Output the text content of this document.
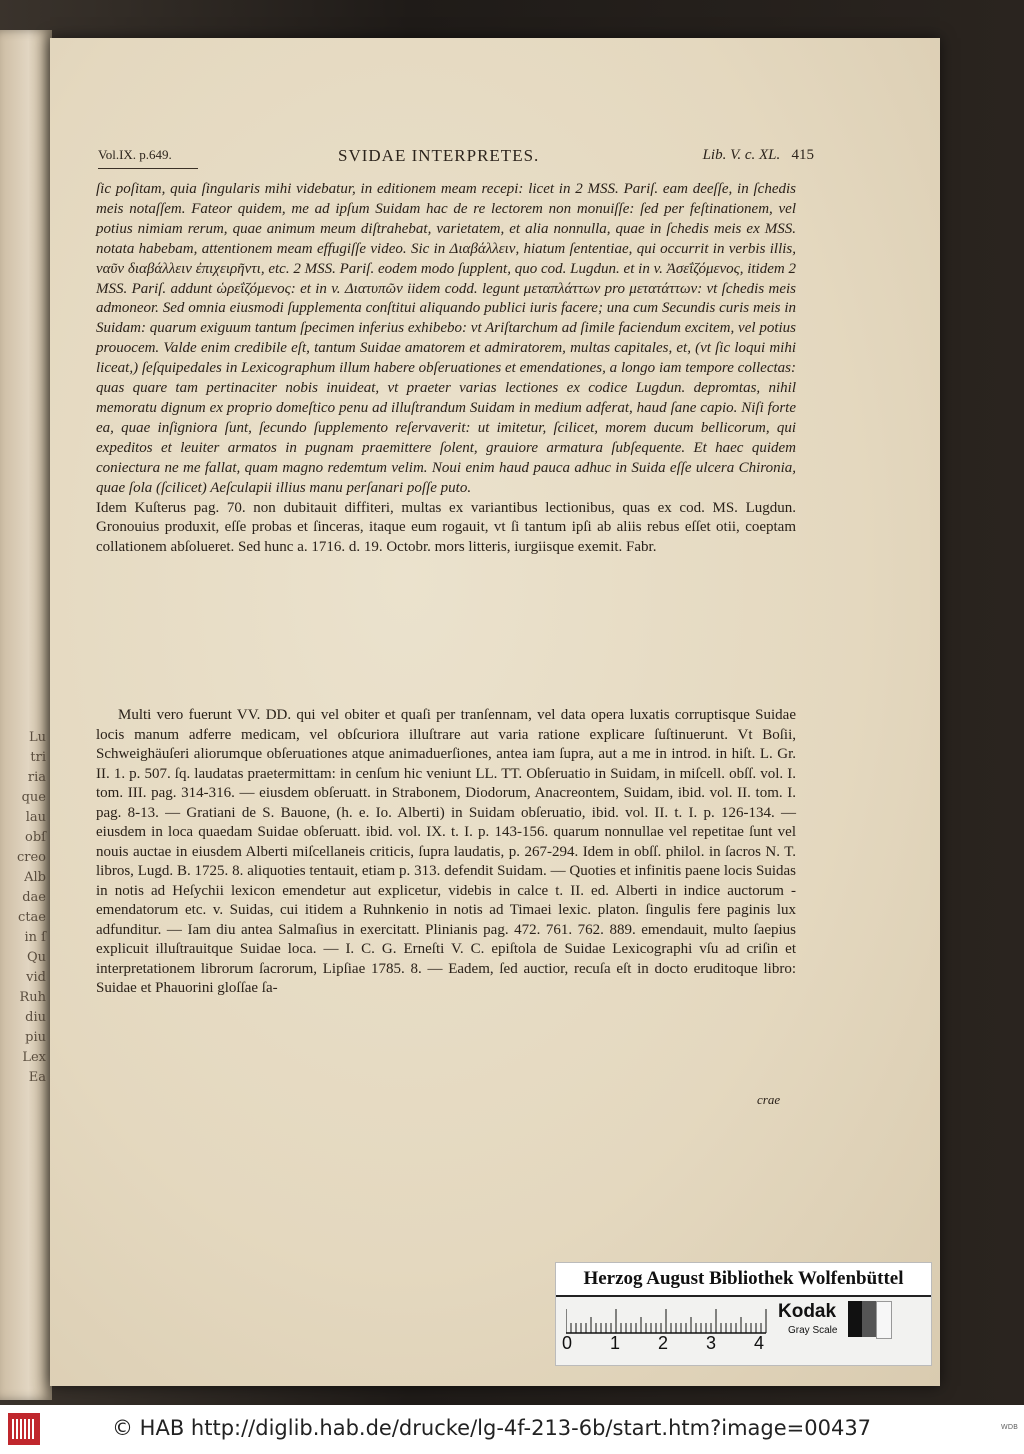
Lu
tri
ria
que
lau
obſ
creo
Alb
dae
ctae
in ſ
Qu
vid
Ruh
diu
piu
Lex
Ea
Vol.IX. p.649.	SVIDAE INTERPRETES.	Lib. V. c. XL. 415

ſic poſitam, quia ſingularis mihi videbatur, in editionem meam recepi: licet in 2 MSS. Pariſ. eam deeſſe, in ſchedis meis notaſſem. Fateor quidem, me ad ipſum Suidam hac de re lectorem non monuiſſe: ſed per feſtinationem, vel potius nimiam rerum, quae animum meum diſtrahebat, varietatem, et alia nonnulla, quae in ſchedis meis ex MSS. notata habebam, attentionem meam effugiſſe video. Sic in Διαβάλλειν, hiatum ſententiae, qui occurrit in verbis illis, ναῦν διαβάλλειν ἐπιχειρῆντι, etc. 2 MSS. Pariſ. eodem modo ſupplent, quo cod. Lugdun. et in v. Ἀσεΐζόμενος, itidem 2 MSS. Pariſ. addunt ὡρεΐζόμενος: et in v. Διατυπῶν iidem codd. legunt μεταπλάττων pro μετατάττων: vt ſchedis meis admoneor. Sed omnia eiusmodi ſupplementa conſtitui aliquando publici iuris facere; una cum Secundis curis meis in Suidam: quarum exiguum tantum ſpecimen inferius exhibebo: vt Ariſtarchum ad ſimile faciendum excitem, vel potius prouocem. Valde enim credibile eſt, tantum Suidae amatorem et admiratorem, multas capitales, et, (vt ſic loqui mihi liceat,) ſeſquipedales in Lexicographum illum habere obſeruationes et emendationes, a longo iam tempore collectas: quas quare tam pertinaciter nobis inuideat, vt praeter varias lectiones ex codice Lugdun. depromtas, nihil memoratu dignum ex proprio domeſtico penu ad illuſtrandum Suidam in medium adferat, haud ſane capio. Niſi forte ea, quae inſigniora ſunt, ſecundo ſupplemento reſervaverit: ut imitetur, ſcilicet, morem ducum bellicorum, qui expeditos et leuiter armatos in pugnam praemittere ſolent, grauiore armatura ſubſequente. Et haec quidem coniectura ne me fallat, quam magno redemtum velim. Noui enim haud pauca adhuc in Suida eſſe ulcera Chironia, quae ſola (ſcilicet) Aeſculapii illius manu perſanari poſſe puto.

Idem Kuſterus pag. 70. non dubitauit diffiteri, multas ex variantibus lectionibus, quas ex cod. MS. Lugdun. Gronouius produxit, eſſe probas et ſinceras, itaque eum rogauit, vt ſi tantum ipſi ab aliis rebus eſſet otii, coeptam collationem abſolueret. Sed hunc a. 1716. d. 19. Octobr. mors litteris, iurgiisque exemit. Fabr.

Multi vero fuerunt VV. DD. qui vel obiter et quaſi per tranſennam, vel data opera luxatis corruptisque Suidae locis manum adferre medicam, vel obſcuriora illuſtrare aut varia ratione explicare ſuſtinuerunt. Vt Boſii, Schweighäuſeri aliorumque obſeruationes atque animaduerſiones, antea iam ſupra, aut a me in introd. in hiſt. L. Gr. II. 1. p. 507. ſq. laudatas praetermittam: in cenſum hic veniunt LL. TT. Obſeruatio in Suidam, in miſcell. obſſ. vol. I. tom. III. pag. 314-316. — eiusdem obſeruatt. in Strabonem, Diodorum, Anacreontem, Suidam, ibid. vol. II. tom. I. pag. 8-13. — Gratiani de S. Bauone, (h. e. Io. Alberti) in Suidam obſeruatio, ibid. vol. II. t. I. p. 126-134. — eiusdem in loca quaedam Suidae obſeruatt. ibid. vol. IX. t. I. p. 143-156. quarum nonnullae vel repetitae ſunt vel nouis auctae in eiusdem Alberti miſcellaneis criticis, ſupra laudatis, p. 267-294. Idem in obſſ. philol. in ſacros N. T. libros, Lugd. B. 1725. 8. aliquoties tentauit, etiam p. 313. defendit Suidam. — Quoties et infinitis paene locis Suidas in notis ad Heſychii lexicon emendetur aut explicetur, videbis in calce t. II. ed. Alberti in indice auctorum - emendatorum etc. v. Suidas, cui itidem a Ruhnkenio in notis ad Timaei lexic. platon. ſingulis fere paginis lux adfunditur. — Iam diu antea Salmaſius in exercitatt. Plinianis pag. 472. 761. 762. 889. emendauit, multo ſaepius explicuit illuſtrauitque Suidae loca. — I. C. G. Erneſti V. C. epiſtola de Suidae Lexicographi vſu ad criſin et interpretationem librorum ſacrorum, Lipſiae 1785. 8. — Eadem, ſed auctior, recuſa eſt in docto eruditoque libro: Suidae et Phauorini gloſſae ſa-

crae
Herzog August Bibliothek Wolfenbüttel
0 1 2 3 4
Kodak
Gray Scale
© HAB http://diglib.hab.de/drucke/lg-4f-213-6b/start.htm?image=00437	WDB
